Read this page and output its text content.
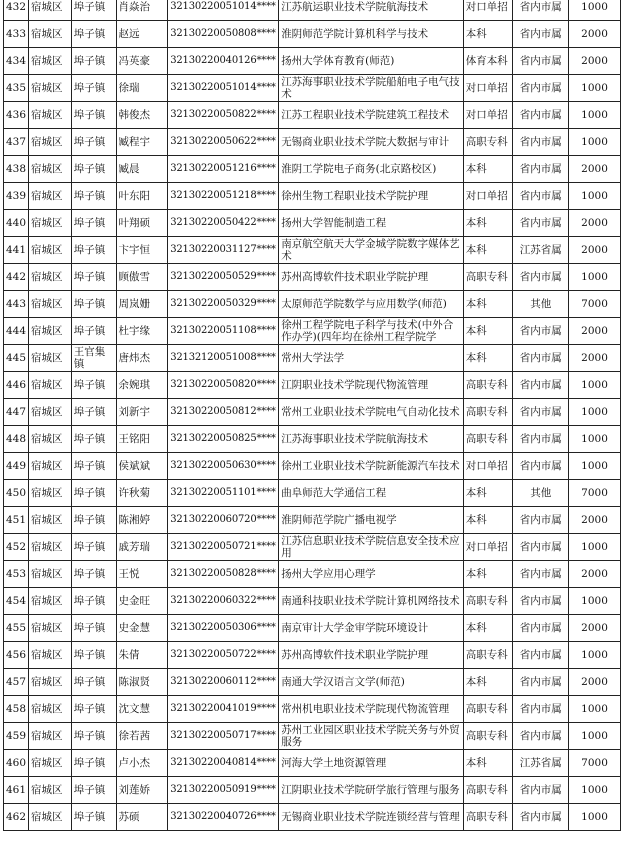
432	宿城区	埠子镇	肖焱治	32130220051014****	江苏航运职业技术学院航海技术	对口单招	省内市属	1000
433	宿城区	埠子镇	赵远	32130220050808****	淮阴师范学院计算机科学与技术	本科	省内市属	2000
434	宿城区	埠子镇	冯英豪	32130220040126****	扬州大学体育教育(师范)	体育本科	省内市属	2000
435	宿城区	埠子镇	徐瑞	32130220051014****	江苏海事职业技术学院船舶电子电气技术	对口单招	省内市属	1000
436	宿城区	埠子镇	韩俊杰	32130220050822****	江苏工程职业技术学院建筑工程技术	对口单招	省内市属	1000
437	宿城区	埠子镇	臧程宇	32130220050622****	无锡商业职业技术学院大数据与审计	高职专科	省内市属	1000
438	宿城区	埠子镇	臧晨	32130220051216****	淮阴工学院电子商务(北京路校区)	本科	省内市属	2000
439	宿城区	埠子镇	叶东阳	32130220051218****	徐州生物工程职业技术学院护理	对口单招	省内市属	1000
440	宿城区	埠子镇	叶翔硕	32130220050422****	扬州大学智能制造工程	本科	省内市属	2000
441	宿城区	埠子镇	卞宇恒	32130220031127****	南京航空航天大学金城学院数字媒体艺术	本科	江苏省属	2000
442	宿城区	埠子镇	顾傲雪	32130220050529****	苏州高博软件技术职业学院护理	高职专科	省内市属	1000
443	宿城区	埠子镇	周岚姗	32130220050329****	太原师范学院数学与应用数学(师范)	本科	其他	7000
444	宿城区	埠子镇	杜宇缘	32130220051108****	徐州工程学院电子科学与技术(中外合作办学)(四年均在徐州工程学院学	本科	省内市属	2000
445	宿城区	王官集镇	唐炜杰	32132120051008****	常州大学法学	本科	省内市属	2000
446	宿城区	埠子镇	余婉琪	32130220050820****	江阴职业技术学院现代物流管理	高职专科	省内市属	1000
447	宿城区	埠子镇	刘新宇	32130220050812****	常州工业职业技术学院电气自动化技术	高职专科	省内市属	1000
448	宿城区	埠子镇	王铭阳	32130220050825****	江苏海事职业技术学院航海技术	高职专科	省内市属	1000
449	宿城区	埠子镇	侯斌斌	32130220050630****	徐州工业职业技术学院新能源汽车技术	对口单招	省内市属	1000
450	宿城区	埠子镇	许秋菊	32130220051101****	曲阜师范大学通信工程	本科	其他	7000
451	宿城区	埠子镇	陈湘婷	32130220060720****	淮阴师范学院广播电视学	本科	省内市属	2000
452	宿城区	埠子镇	戚芳瑞	32130220050721****	江苏信息职业技术学院信息安全技术应用	对口单招	省内市属	1000
453	宿城区	埠子镇	王悦	32130220050828****	扬州大学应用心理学	本科	省内市属	2000
454	宿城区	埠子镇	史金旺	32130220060322****	南通科技职业技术学院计算机网络技术	高职专科	省内市属	1000
455	宿城区	埠子镇	史金慧	32130220050306****	南京审计大学金审学院环境设计	本科	省内市属	2000
456	宿城区	埠子镇	朱倩	32130220050722****	苏州高博软件技术职业学院护理	高职专科	省内市属	1000
457	宿城区	埠子镇	陈淑贤	32130220060112****	南通大学汉语言文学(师范)	本科	省内市属	2000
458	宿城区	埠子镇	沈文慧	32130220041019****	常州机电职业技术学院现代物流管理	高职专科	省内市属	1000
459	宿城区	埠子镇	徐若茜	32130220050717****	苏州工业园区职业技术学院关务与外贸服务	高职专科	省内市属	1000
460	宿城区	埠子镇	卢小杰	32130220040814****	河海大学土地资源管理	本科	江苏省属	7000
461	宿城区	埠子镇	刘莲娇	32130220050919****	江阴职业技术学院研学旅行管理与服务	高职专科	省内市属	1000
462	宿城区	埠子镇	苏硕	32130220040726****	无锡商业职业技术学院连锁经营与管理	高职专科	省内市属	1000
